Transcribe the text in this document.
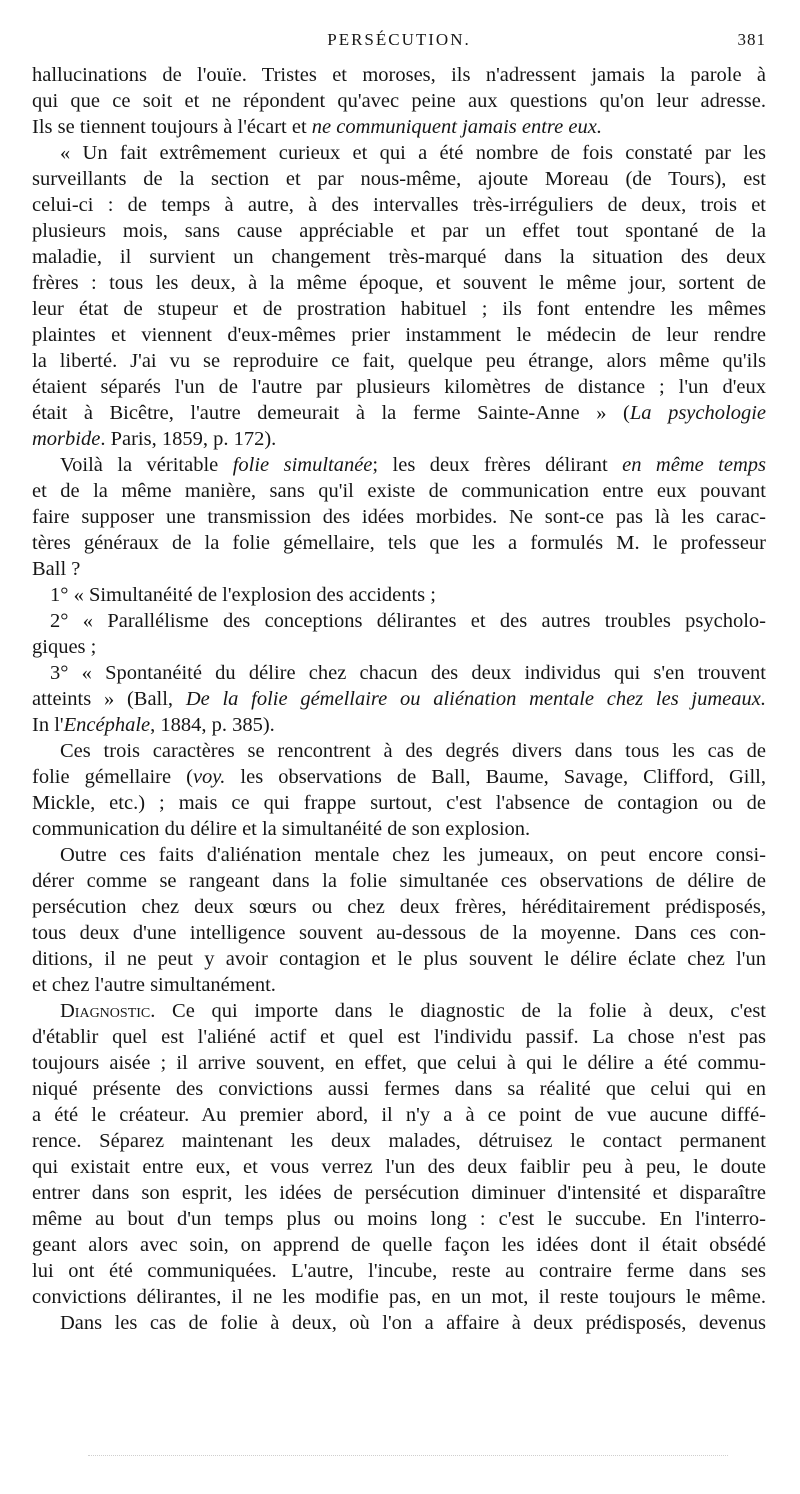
PERSÉCUTION.	381
hallucinations de l'ouïe. Tristes et moroses, ils n'adressent jamais la parole à
qui que ce soit et ne répondent qu'avec peine aux questions qu'on leur adresse.
Ils se tiennent toujours à l'écart et ne communiquent jamais entre eux.
« Un fait extrêmement curieux et qui a été nombre de fois constaté par les
surveillants de la section et par nous-même, ajoute Moreau (de Tours), est
celui-ci : de temps à autre, à des intervalles très-irréguliers de deux, trois et
plusieurs mois, sans cause appréciable et par un effet tout spontané de la
maladie, il survient un changement très-marqué dans la situation des deux
frères : tous les deux, à la même époque, et souvent le même jour, sortent de
leur état de stupeur et de prostration habituel ; ils font entendre les mêmes
plaintes et viennent d'eux-mêmes prier instamment le médecin de leur rendre
la liberté. J'ai vu se reproduire ce fait, quelque peu étrange, alors même qu'ils
étaient séparés l'un de l'autre par plusieurs kilomètres de distance ; l'un d'eux
était à Bicêtre, l'autre demeurait à la ferme Sainte-Anne » (La psychologie
morbide. Paris, 1859, p. 172).
Voilà la véritable folie simultanée; les deux frères délirant en même temps
et de la même manière, sans qu'il existe de communication entre eux pouvant
faire supposer une transmission des idées morbides. Ne sont-ce pas là les carac-
tères généraux de la folie gémellaire, tels que les a formulés M. le professeur
Ball ?
1° « Simultanéité de l'explosion des accidents ;
2° « Parallélisme des conceptions délirantes et des autres troubles psycholo-
giques ;
3° « Spontanéité du délire chez chacun des deux individus qui s'en trouvent
atteints » (Ball, De la folie gémellaire ou aliénation mentale chez les jumeaux.
In l'Encéphale, 1884, p. 385).
Ces trois caractères se rencontrent à des degrés divers dans tous les cas de
folie gémellaire (voy. les observations de Ball, Baume, Savage, Clifford, Gill,
Mickle, etc.) ; mais ce qui frappe surtout, c'est l'absence de contagion ou de
communication du délire et la simultanéité de son explosion.
Outre ces faits d'aliénation mentale chez les jumeaux, on peut encore consi-
dérer comme se rangeant dans la folie simultanée ces observations de délire de
persécution chez deux sœurs ou chez deux frères, héréditairement prédisposés,
tous deux d'une intelligence souvent au-dessous de la moyenne. Dans ces con-
ditions, il ne peut y avoir contagion et le plus souvent le délire éclate chez l'un
et chez l'autre simultanément.
Diagnostic. Ce qui importe dans le diagnostic de la folie à deux, c'est
d'établir quel est l'aliéné actif et quel est l'individu passif. La chose n'est pas
toujours aisée ; il arrive souvent, en effet, que celui à qui le délire a été commu-
niqué présente des convictions aussi fermes dans sa réalité que celui qui en
a été le créateur. Au premier abord, il n'y a à ce point de vue aucune diffé-
rence. Séparez maintenant les deux malades, détruisez le contact permanent
qui existait entre eux, et vous verrez l'un des deux faiblir peu à peu, le doute
entrer dans son esprit, les idées de persécution diminuer d'intensité et disparaître
même au bout d'un temps plus ou moins long : c'est le succube. En l'interro-
geant alors avec soin, on apprend de quelle façon les idées dont il était obsédé
lui ont été communiquées. L'autre, l'incube, reste au contraire ferme dans ses
convictions délirantes, il ne les modifie pas, en un mot, il reste toujours le même.
Dans les cas de folie à deux, où l'on a affaire à deux prédisposés, devenus
